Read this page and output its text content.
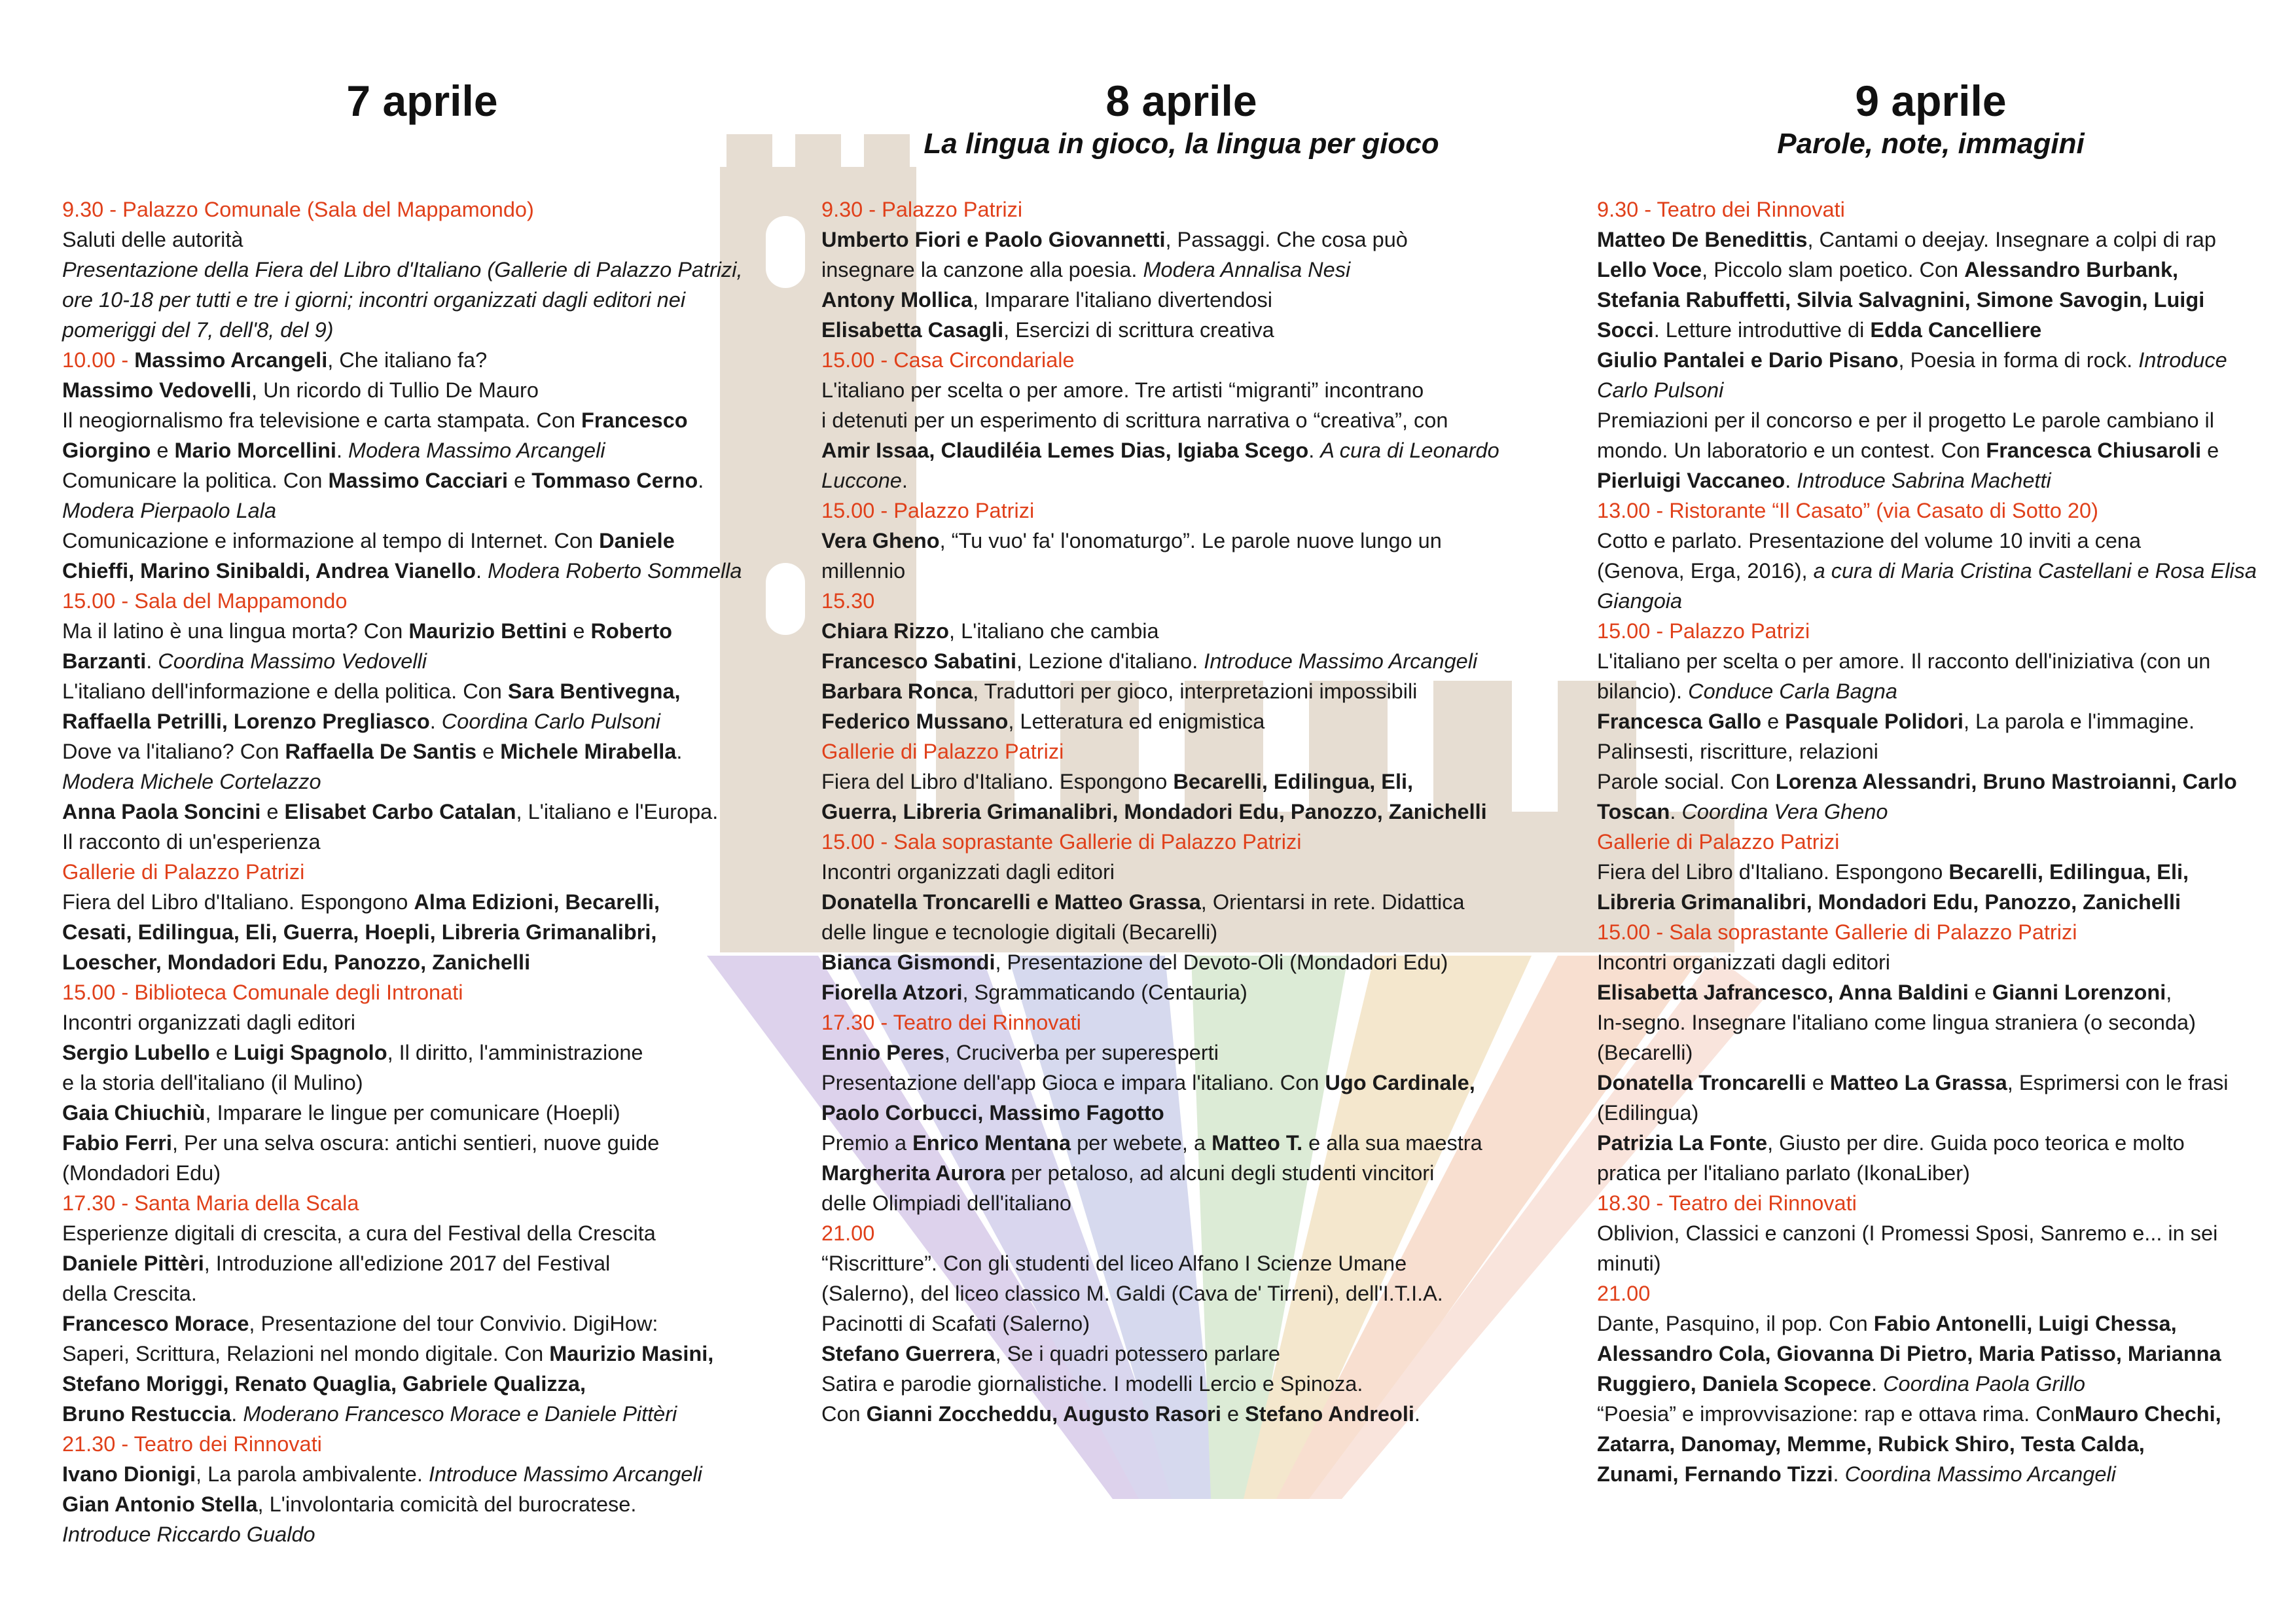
7 aprile

9.30 - Palazzo Comunale (Sala del Mappamondo)

Saluti delle autorità

Presentazione della Fiera del Libro d'Italiano (Gallerie di Palazzo Patrizi,

ore 10-18 per tutti e tre i giorni; incontri organizzati dagli editori nei

pomeriggi del 7, dell'8, del 9)

10.00 - Massimo Arcangeli, Che italiano fa?

Massimo Vedovelli, Un ricordo di Tullio De Mauro

Il neogiornalismo fra televisione e carta stampata. Con Francesco

Giorgino e Mario Morcellini. Modera Massimo Arcangeli

Comunicare la politica. Con Massimo Cacciari e Tommaso Cerno.

Modera Pierpaolo Lala

Comunicazione e informazione al tempo di Internet. Con Daniele

Chieffi, Marino Sinibaldi, Andrea Vianello. Modera Roberto Sommella

15.00 - Sala del Mappamondo

Ma il latino è una lingua morta? Con Maurizio Bettini e Roberto

Barzanti. Coordina Massimo Vedovelli

L'italiano dell'informazione e della politica. Con Sara Bentivegna,

Raffaella Petrilli, Lorenzo Pregliasco. Coordina Carlo Pulsoni

Dove va l'italiano? Con Raffaella De Santis e Michele Mirabella.

Modera Michele Cortelazzo

Anna Paola Soncini e Elisabet Carbo Catalan, L'italiano e l'Europa.

Il racconto di un'esperienza

Gallerie di Palazzo Patrizi

Fiera del Libro d'Italiano. Espongono Alma Edizioni, Becarelli,

Cesati, Edilingua, Eli, Guerra, Hoepli, Libreria Grimanalibri,

Loescher, Mondadori Edu, Panozzo, Zanichelli

15.00 - Biblioteca Comunale degli Intronati

Incontri organizzati dagli editori

Sergio Lubello e Luigi Spagnolo, Il diritto, l'amministrazione

e la storia dell'italiano (il Mulino)

Gaia Chiuchiù, Imparare le lingue per comunicare (Hoepli)

Fabio Ferri, Per una selva oscura: antichi sentieri, nuove guide

(Mondadori Edu)

17.30 - Santa Maria della Scala

Esperienze digitali di crescita, a cura del Festival della Crescita

Daniele Pittèri, Introduzione all'edizione 2017 del Festival

della Crescita.

Francesco Morace, Presentazione del tour Convivio. DigiHow:

Saperi, Scrittura, Relazioni nel mondo digitale. Con Maurizio Masini,

Stefano Moriggi, Renato Quaglia, Gabriele Qualizza,

Bruno Restuccia. Moderano Francesco Morace e Daniele Pittèri

21.30 - Teatro dei Rinnovati

Ivano Dionigi, La parola ambivalente. Introduce Massimo Arcangeli

Gian Antonio Stella, L'involontaria comicità del burocratese.

Introduce Riccardo Gualdo

8 aprile
La lingua in gioco, la lingua per gioco

9.30 - Palazzo Patrizi

Umberto Fiori e Paolo Giovannetti, Passaggi. Che cosa può

insegnare la canzone alla poesia. Modera Annalisa Nesi

Antony Mollica, Imparare l'italiano divertendosi

Elisabetta Casagli, Esercizi di scrittura creativa

15.00 - Casa Circondariale

L'italiano per scelta o per amore. Tre artisti “migranti” incontrano

i detenuti per un esperimento di scrittura narrativa o “creativa”, con

Amir Issaa, Claudiléia Lemes Dias, Igiaba Scego. A cura di Leonardo

Luccone.

15.00 - Palazzo Patrizi

Vera Gheno, “Tu vuo' fa' l'onomaturgo”. Le parole nuove lungo un

millennio

15.30

Chiara Rizzo, L'italiano che cambia

Francesco Sabatini, Lezione d'italiano. Introduce Massimo Arcangeli

Barbara Ronca, Traduttori per gioco, interpretazioni impossibili

Federico Mussano, Letteratura ed enigmistica

Gallerie di Palazzo Patrizi

Fiera del Libro d'Italiano. Espongono Becarelli, Edilingua, Eli,

Guerra, Libreria Grimanalibri, Mondadori Edu, Panozzo, Zanichelli

15.00 - Sala soprastante Gallerie di Palazzo Patrizi

Incontri organizzati dagli editori

Donatella Troncarelli e Matteo Grassa, Orientarsi in rete. Didattica

delle lingue e tecnologie digitali (Becarelli)

Bianca Gismondi, Presentazione del Devoto-Oli (Mondadori Edu)

Fiorella Atzori, Sgrammaticando (Centauria)

17.30 - Teatro dei Rinnovati

Ennio Peres, Cruciverba per superesperti

Presentazione dell'app Gioca e impara l'italiano. Con Ugo Cardinale,

Paolo Corbucci, Massimo Fagotto

Premio a Enrico Mentana per webete, a Matteo T. e alla sua maestra

Margherita Aurora per petaloso, ad alcuni degli studenti vincitori

delle Olimpiadi dell'italiano

21.00

“Riscritture”. Con gli studenti del liceo Alfano I Scienze Umane

(Salerno), del liceo classico M. Galdi (Cava de' Tirreni), dell'I.T.I.A.

Pacinotti di Scafati (Salerno)

Stefano Guerrera, Se i quadri potessero parlare

Satira e parodie giornalistiche. I modelli Lercio e Spinoza.

Con Gianni Zoccheddu, Augusto Rasori e Stefano Andreoli.

9 aprile
Parole, note, immagini

9.30 - Teatro dei Rinnovati

Matteo De Benedittis, Cantami o deejay. Insegnare a colpi di rap

Lello Voce, Piccolo slam poetico. Con Alessandro Burbank,

Stefania Rabuffetti, Silvia Salvagnini, Simone Savogin, Luigi

Socci. Letture introduttive di Edda Cancelliere

Giulio Pantalei e Dario Pisano, Poesia in forma di rock. Introduce

Carlo Pulsoni

Premiazioni per il concorso e per il progetto Le parole cambiano il

mondo. Un laboratorio e un contest. Con Francesca Chiusaroli e

Pierluigi Vaccaneo. Introduce Sabrina Machetti

13.00 - Ristorante “Il Casato” (via Casato di Sotto 20)

Cotto e parlato. Presentazione del volume 10 inviti a cena

(Genova, Erga, 2016), a cura di Maria Cristina Castellani e Rosa Elisa

Giangoia

15.00 - Palazzo Patrizi

L'italiano per scelta o per amore. Il racconto dell'iniziativa (con un

bilancio). Conduce Carla Bagna

Francesca Gallo e Pasquale Polidori, La parola e l'immagine.

Palinsesti, riscritture, relazioni

Parole social. Con Lorenza Alessandri, Bruno Mastroianni, Carlo

Toscan. Coordina Vera Gheno

Gallerie di Palazzo Patrizi

Fiera del Libro d'Italiano. Espongono Becarelli, Edilingua, Eli,

Libreria Grimanalibri, Mondadori Edu, Panozzo, Zanichelli

15.00 - Sala soprastante Gallerie di Palazzo Patrizi

Incontri organizzati dagli editori

Elisabetta Jafrancesco, Anna Baldini e Gianni Lorenzoni,

In-segno. Insegnare l'italiano come lingua straniera (o seconda)

(Becarelli)

Donatella Troncarelli e Matteo La Grassa, Esprimersi con le frasi

(Edilingua)

Patrizia La Fonte, Giusto per dire. Guida poco teorica e molto

pratica per l'italiano parlato (IkonaLiber)

18.30 - Teatro dei Rinnovati

Oblivion, Classici e canzoni (I Promessi Sposi, Sanremo e... in sei

minuti)

21.00

Dante, Pasquino, il pop. Con Fabio Antonelli, Luigi Chessa,

Alessandro Cola, Giovanna Di Pietro, Maria Patisso, Marianna

Ruggiero, Daniela Scopece. Coordina Paola Grillo

“Poesia” e improvvisazione: rap e ottava rima. ConMauro Chechi,

Zatarra, Danomay, Memme, Rubick Shiro, Testa Calda,

Zunami, Fernando Tizzi. Coordina Massimo Arcangeli
